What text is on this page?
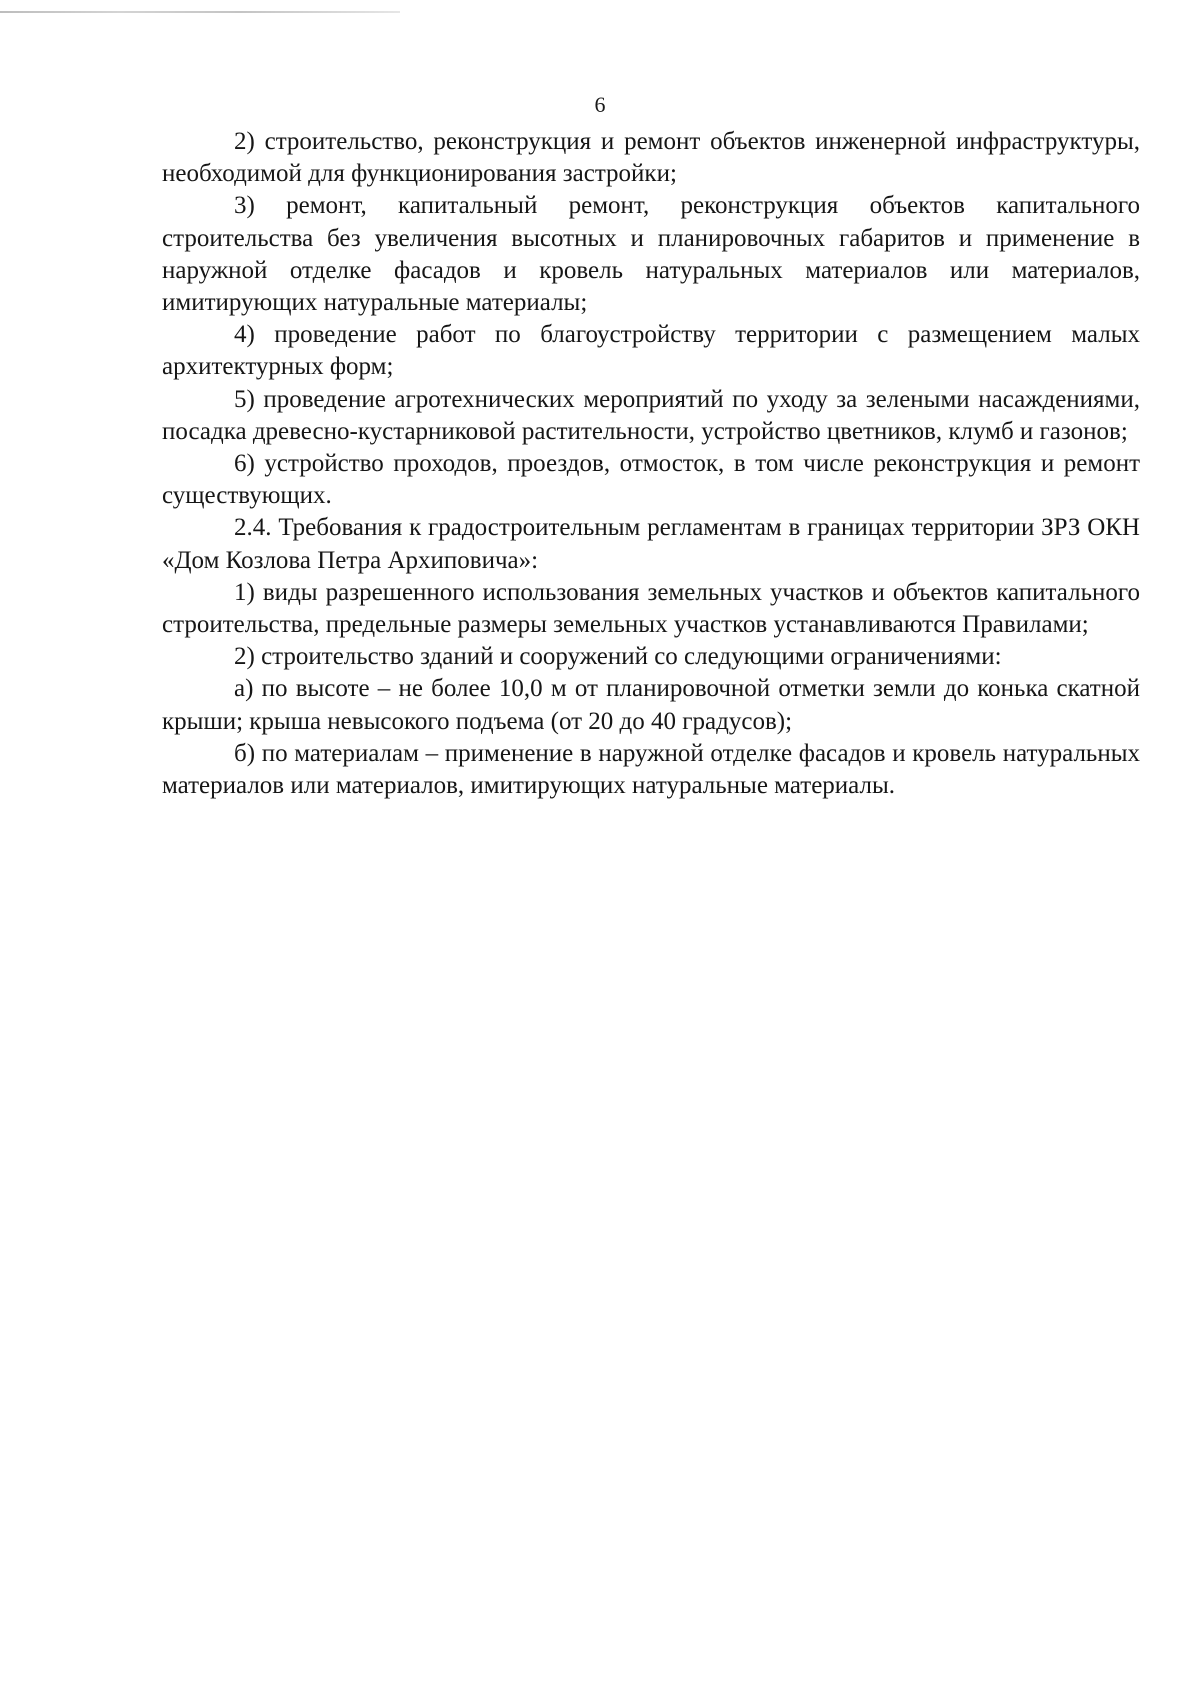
6

2) строительство, реконструкция и ремонт объектов инженерной инфраструктуры, необходимой для функционирования застройки;

3) ремонт, капитальный ремонт, реконструкция объектов капитального строительства без увеличения высотных и планировочных габаритов и применение в наружной отделке фасадов и кровель натуральных материалов или материалов, имитирующих натуральные материалы;

4) проведение работ по благоустройству территории с размещением малых архитектурных форм;

5) проведение агротехнических мероприятий по уходу за зелеными насаждениями, посадка древесно-кустарниковой растительности, устройство цветников, клумб и газонов;

6) устройство проходов, проездов, отмосток, в том числе реконструкция и ремонт существующих.

2.4. Требования к градостроительным регламентам в границах территории ЗРЗ ОКН «Дом Козлова Петра Архиповича»:

1) виды разрешенного использования земельных участков и объектов капитального строительства, предельные размеры земельных участков устанавливаются Правилами;

2) строительство зданий и сооружений со следующими ограничениями:

а) по высоте – не более 10,0 м от планировочной отметки земли до конька скатной крыши; крыша невысокого подъема (от 20 до 40 градусов);

б) по материалам – применение в наружной отделке фасадов и кровель натуральных материалов или материалов, имитирующих натуральные материалы.
